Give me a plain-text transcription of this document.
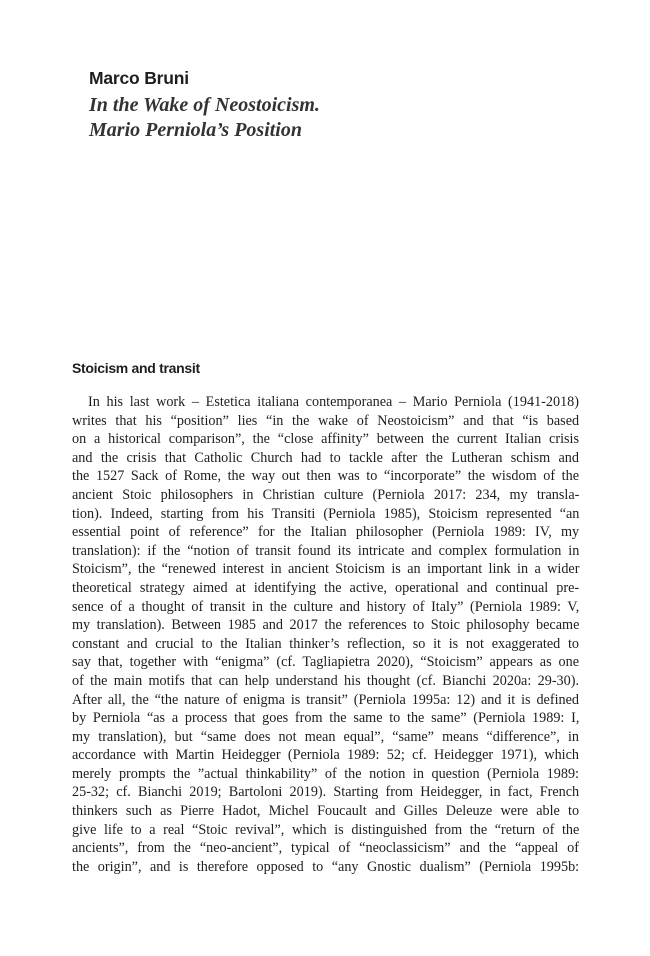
Marco Bruni
In the Wake of Neostoicism.
Mario Perniola’s Position
Stoicism and transit
In his last work – Estetica italiana contemporanea – Mario Perniola (1941-2018)
writes that his “position” lies “in the wake of Neostoicism” and that “is based
on a historical comparison”, the “close affinity” between the current Italian crisis
and the crisis that Catholic Church had to tackle after the Lutheran schism and
the 1527 Sack of Rome, the way out then was to “incorporate” the wisdom of the
ancient Stoic philosophers in Christian culture (Perniola 2017: 234, my transla-
tion). Indeed, starting from his Transiti (Perniola 1985), Stoicism represented “an
essential point of reference” for the Italian philosopher (Perniola 1989: IV, my
translation): if the “notion of transit found its intricate and complex formulation in
Stoicism”, the “renewed interest in ancient Stoicism is an important link in a wider
theoretical strategy aimed at identifying the active, operational and continual pre-
sence of a thought of transit in the culture and history of Italy” (Perniola 1989: V,
my translation). Between 1985 and 2017 the references to Stoic philosophy became
constant and crucial to the Italian thinker’s reflection, so it is not exaggerated to
say that, together with “enigma” (cf. Tagliapietra 2020), “Stoicism” appears as one
of the main motifs that can help understand his thought (cf. Bianchi 2020a: 29-30).
After all, the “the nature of enigma is transit” (Perniola 1995a: 12) and it is defined
by Perniola “as a process that goes from the same to the same” (Perniola 1989: I,
my translation), but “same does not mean equal”, “same” means “difference”, in
accordance with Martin Heidegger (Perniola 1989: 52; cf. Heidegger 1971), which
merely prompts the ”actual thinkability” of the notion in question (Perniola 1989:
25-32; cf. Bianchi 2019; Bartoloni 2019). Starting from Heidegger, in fact, French
thinkers such as Pierre Hadot, Michel Foucault and Gilles Deleuze were able to
give life to a real “Stoic revival”, which is distinguished from the “return of the
ancients”, from the “neo-ancient”, typical of “neoclassicism” and the “appeal of
the origin”, and is therefore opposed to “any Gnostic dualism” (Perniola 1995b:
